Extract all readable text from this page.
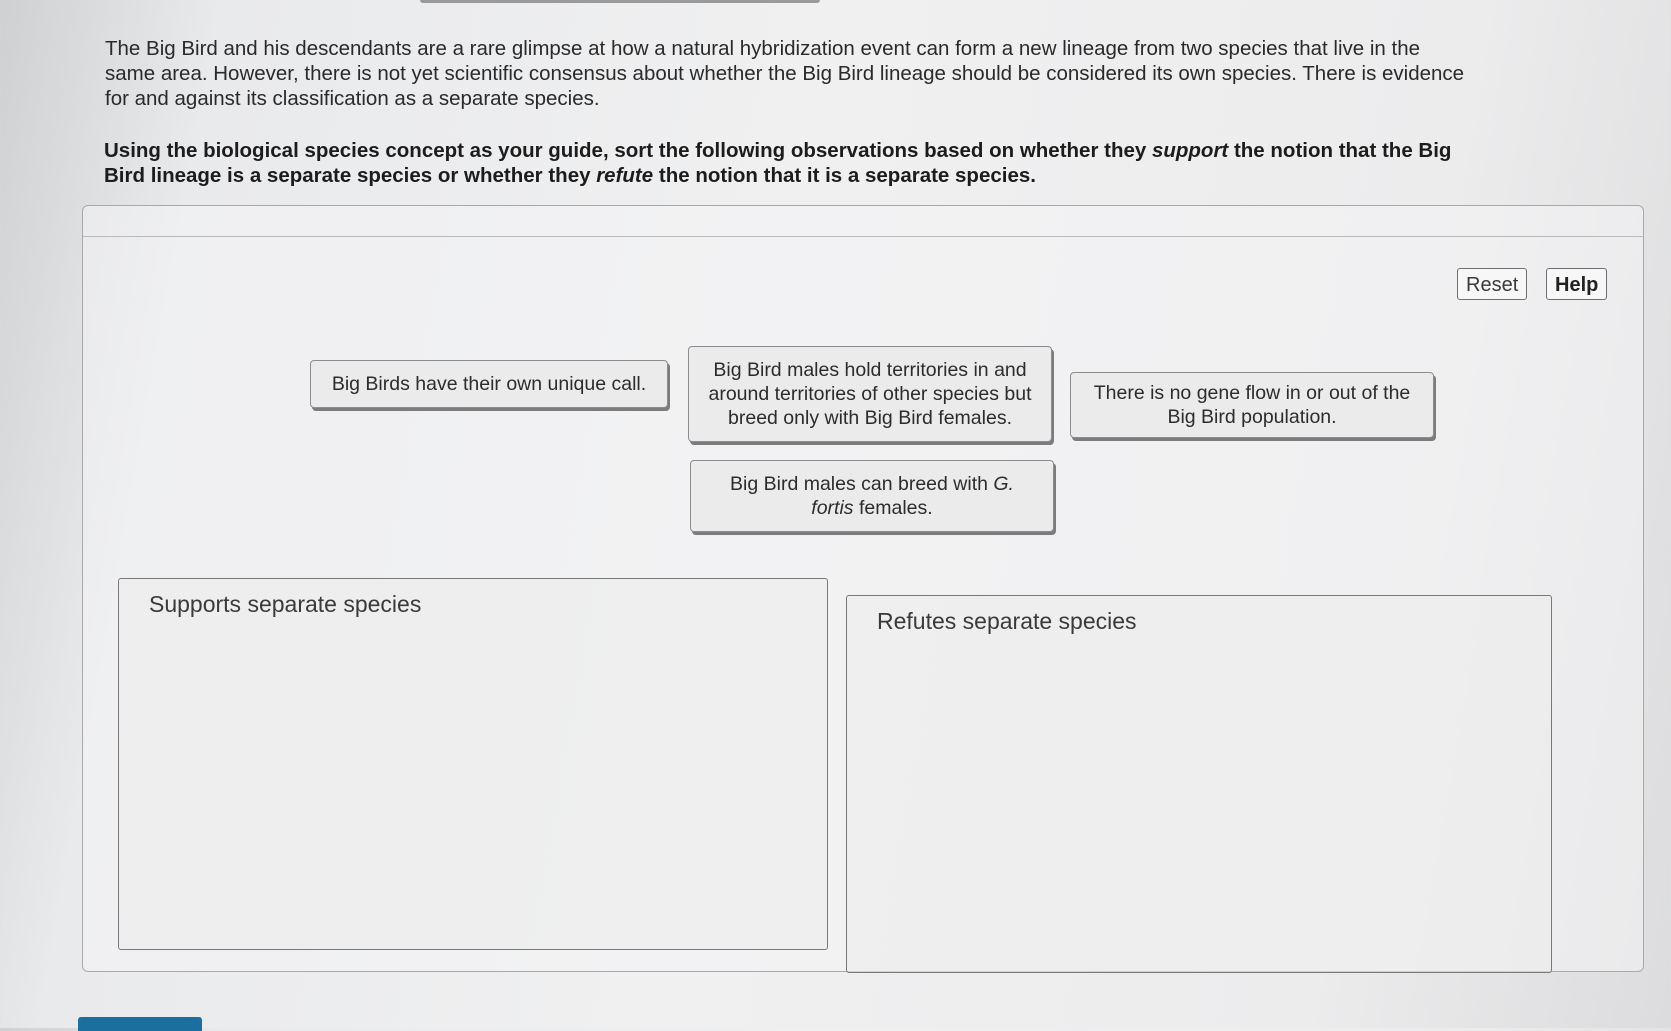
The Big Bird and his descendants are a rare glimpse at how a natural hybridization event can form a new lineage from two species that live in the same area. However, there is not yet scientific consensus about whether the Big Bird lineage should be considered its own species. There is evidence for and against its classification as a separate species.

Using the biological species concept as your guide, sort the following observations based on whether they support the notion that the Big Bird lineage is a separate species or whether they refute the notion that it is a separate species.

Reset	Help
Big Birds have their own unique call.
Big Bird males hold territories in and around territories of other species but breed only with Big Bird females.
There is no gene flow in or out of the Big Bird population.
Big Bird males can breed with G.
fortis females.
Supports separate species
Refutes separate species
